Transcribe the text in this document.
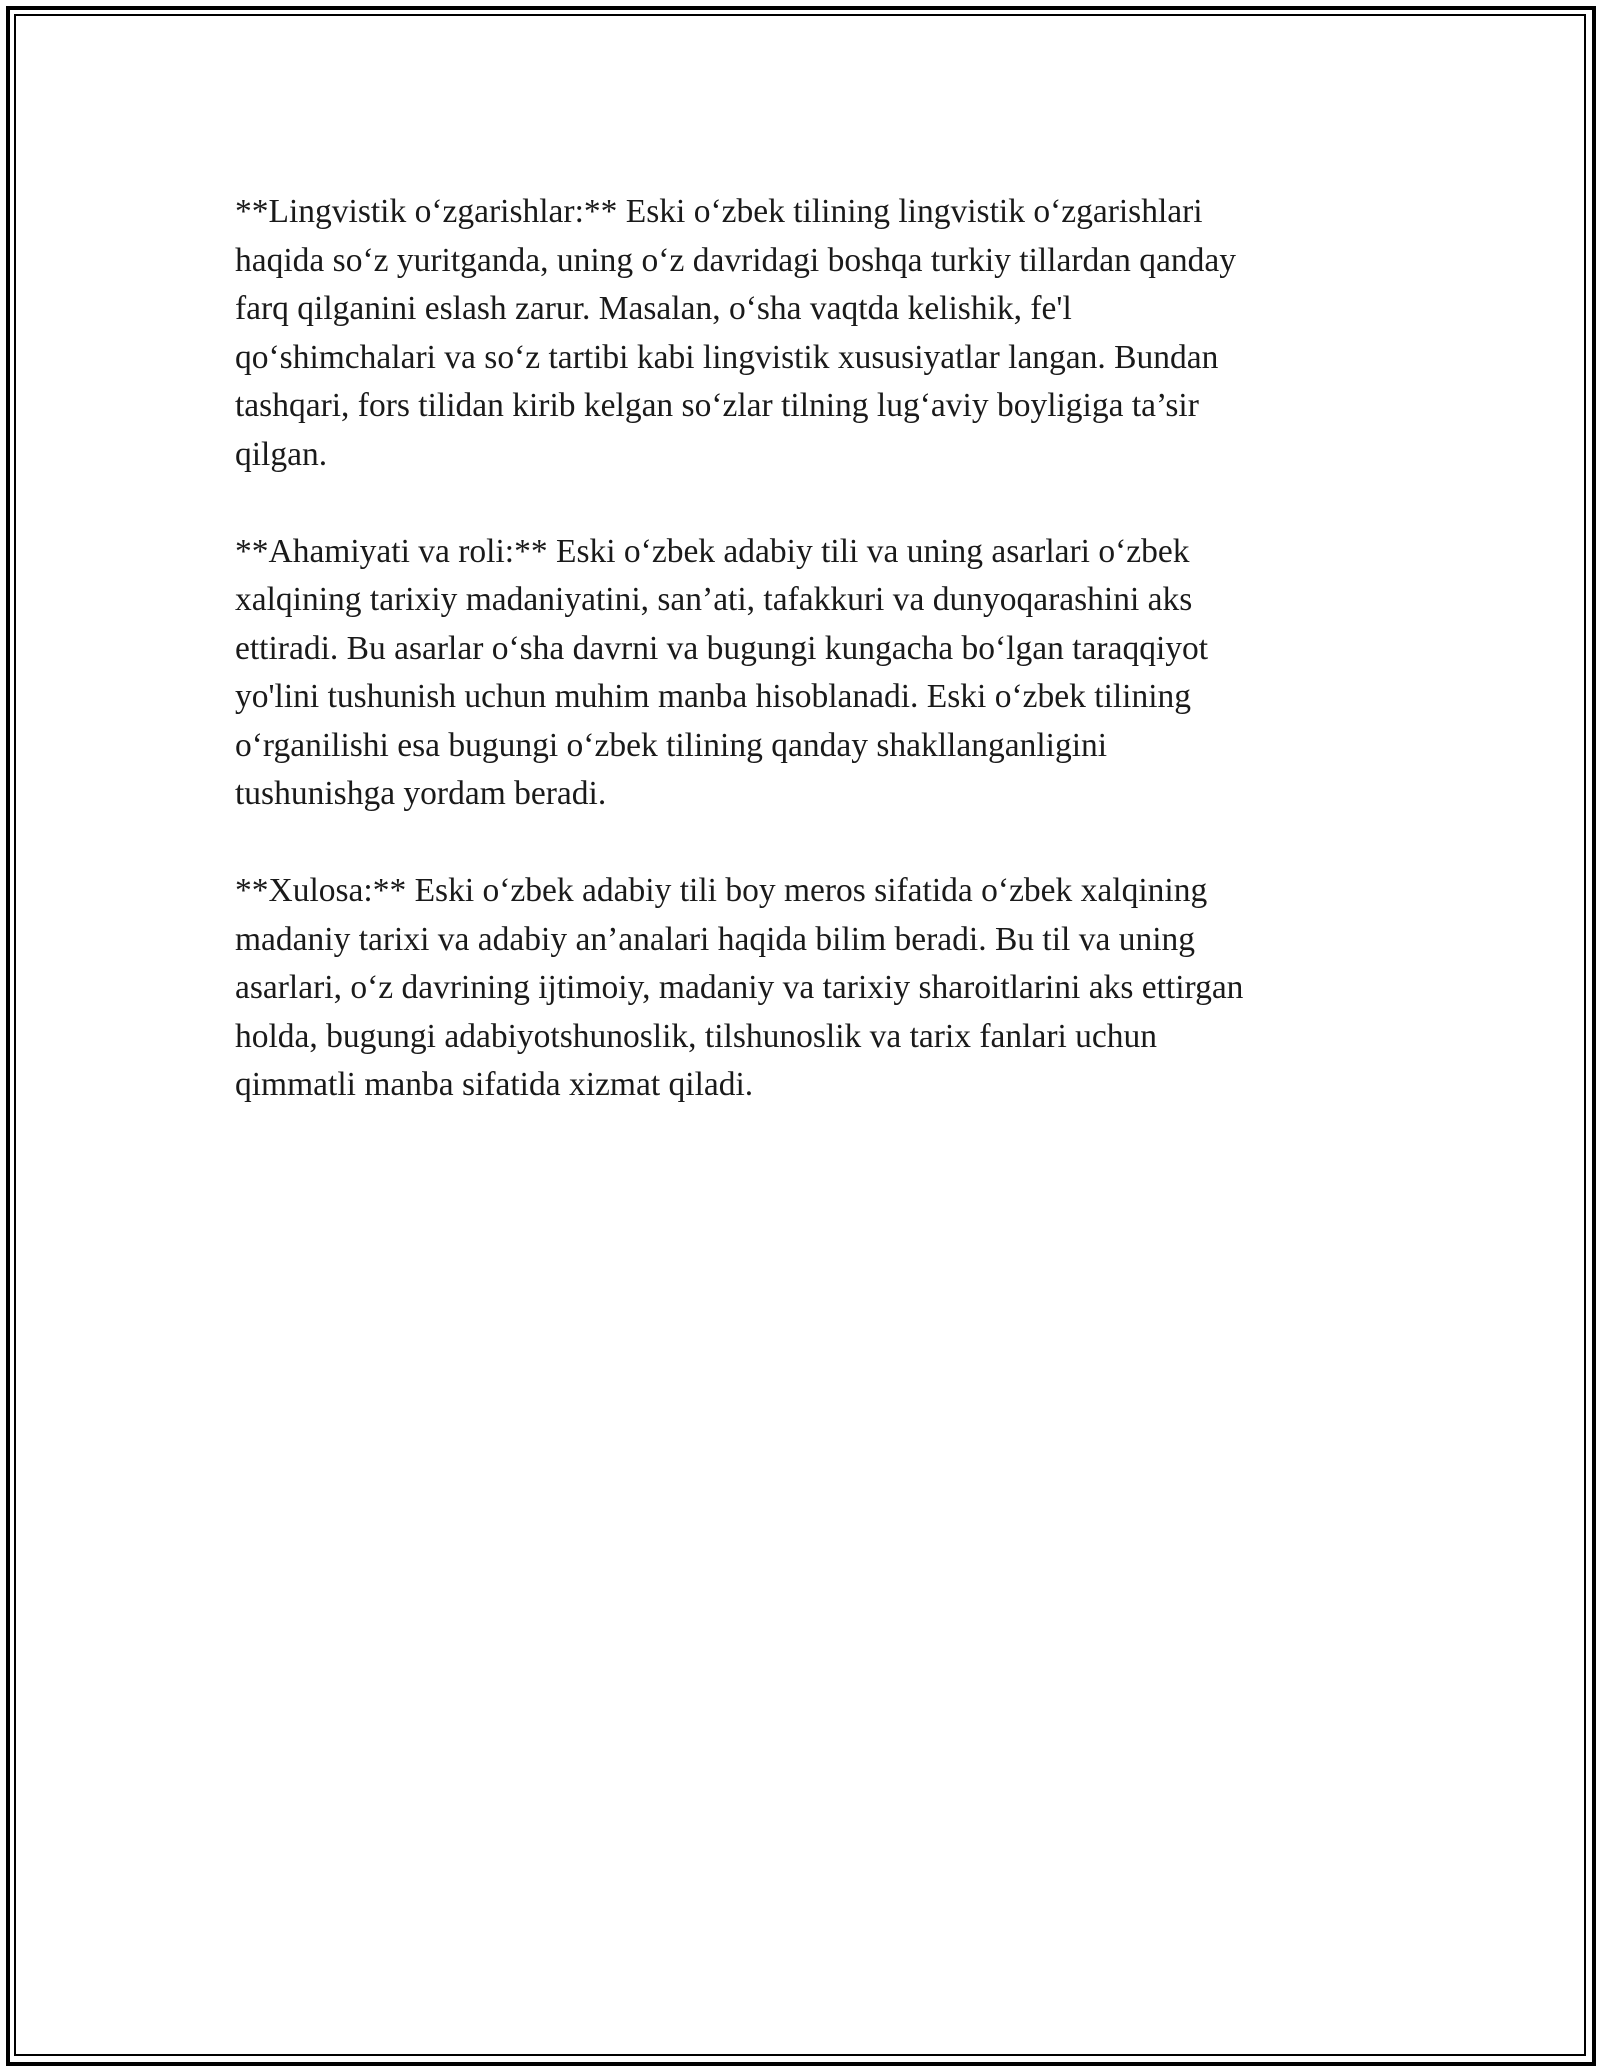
**Lingvistik o‘zgarishlar:** Eski o‘zbek tilining lingvistik o‘zgarishlari
haqida so‘z yuritganda, uning o‘z davridagi boshqa turkiy tillardan qanday
farq qilganini eslash zarur. Masalan, o‘sha vaqtda kelishik, fe'l
qo‘shimchalari va so‘z tartibi kabi lingvistik xususiyatlar langan. Bundan
tashqari, fors tilidan kirib kelgan so‘zlar tilning lug‘aviy boyligiga ta’sir
qilgan.

**Ahamiyati va roli:** Eski o‘zbek adabiy tili va uning asarlari o‘zbek
xalqining tarixiy madaniyatini, san’ati, tafakkuri va dunyoqarashini aks
ettiradi. Bu asarlar o‘sha davrni va bugungi kungacha bo‘lgan taraqqiyot
yo'lini tushunish uchun muhim manba hisoblanadi. Eski o‘zbek tilining
o‘rganilishi esa bugungi o‘zbek tilining qanday shakllanganligini
tushunishga yordam beradi.

**Xulosa:** Eski o‘zbek adabiy tili boy meros sifatida o‘zbek xalqining
madaniy tarixi va adabiy an’analari haqida bilim beradi. Bu til va uning
asarlari, o‘z davrining ijtimoiy, madaniy va tarixiy sharoitlarini aks ettirgan
holda, bugungi adabiyotshunoslik, tilshunoslik va tarix fanlari uchun
qimmatli manba sifatida xizmat qiladi.
